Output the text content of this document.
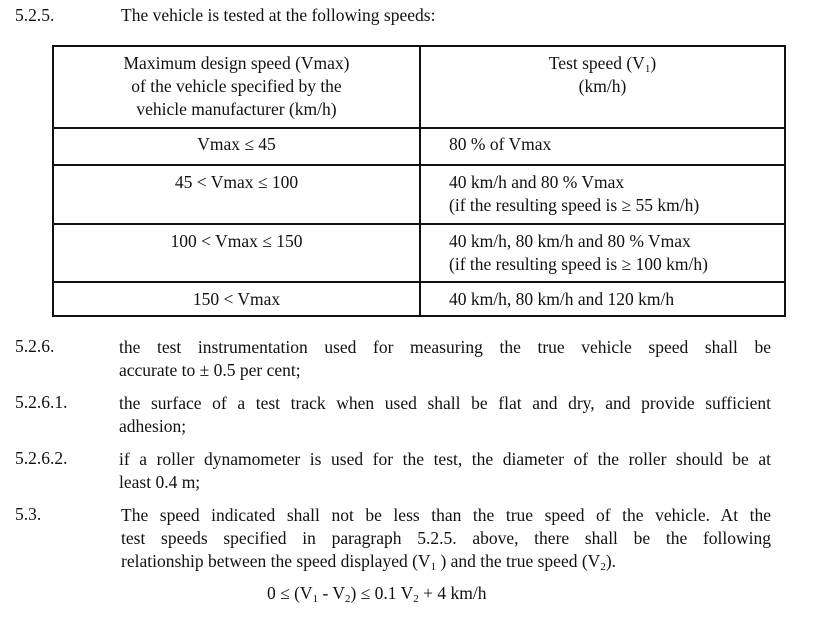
5.2.5.	The vehicle is tested at the following speeds:
Maximum design speed (Vmax)
of the vehicle specified by the
vehicle manufacturer (km/h)	Test speed $(V_1)$
(km/h)

Vmax ≤ 45	80 % of Vmax

45 < Vmax ≤ 100	40 km/h and 80 % Vmax
(if the resulting speed is ≥ 55 km/h)

100 < Vmax ≤ 150	40 km/h, 80 km/h and 80 % Vmax
(if the resulting speed is ≥ 100 km/h)

150 < Vmax	40 km/h, 80 km/h and 120 km/h
5.2.6.	the test instrumentation used for measuring the true vehicle speed shall be
accurate to ± 0.5 per cent;
5.2.6.1.	the surface of a test track when used shall be flat and dry, and provide sufficient
adhesion;
5.2.6.2.	if a roller dynamometer is used for the test, the diameter of the roller should be at
least 0.4 m;
5.3.	The speed indicated shall not be less than the true speed of the vehicle. At the
test speeds specified in paragraph 5.2.5. above, there shall be the following
relationship between the speed displayed ($V_1$ ) and the true speed $(V_2)$.
$0 \le (V_1 - V_2) \le 0.1$ $V_2 + 4$ km/h
